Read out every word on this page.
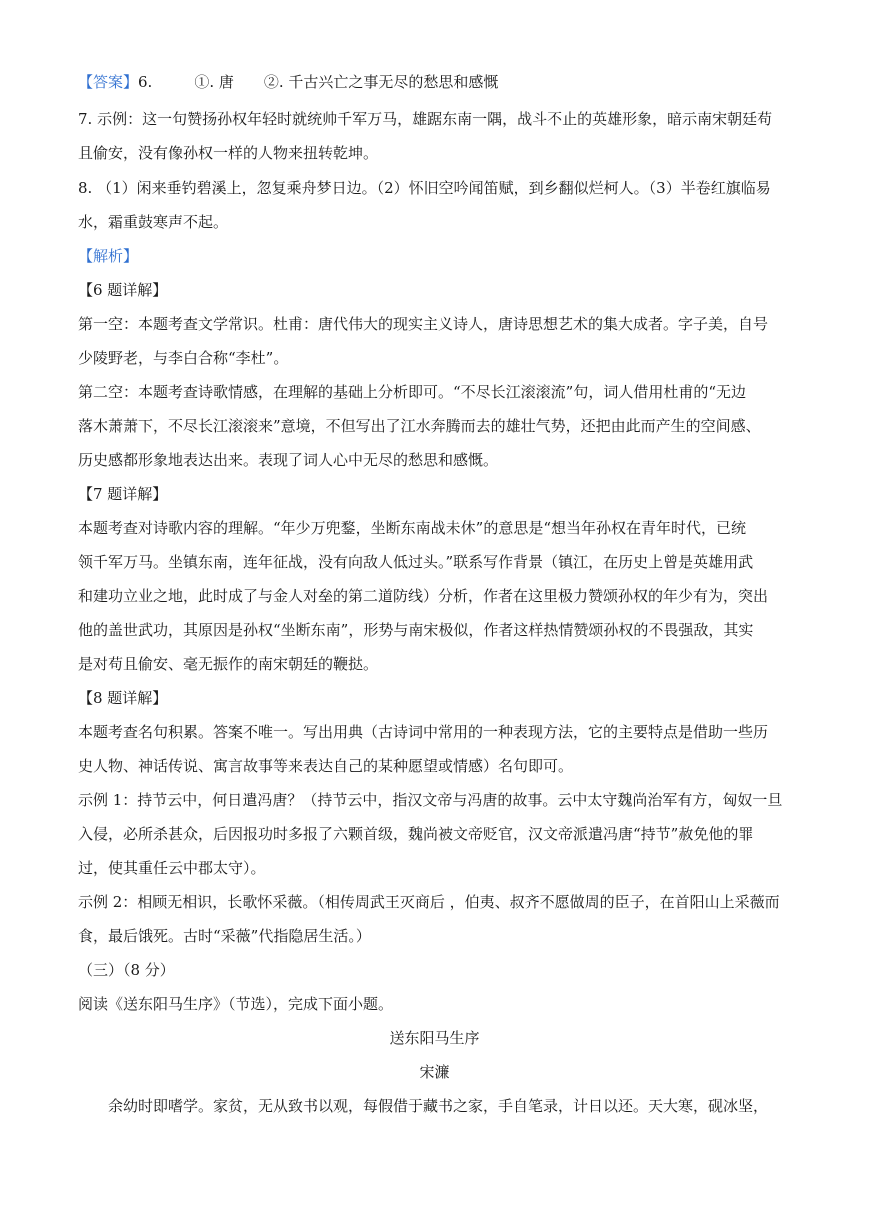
【答案】6.	①. 唐 ②. 千古兴亡之事无尽的愁思和感慨
7. 示例：这一句赞扬孙权年轻时就统帅千军万马，雄踞东南一隅，战斗不止的英雄形象，暗示南宋朝廷苟
且偷安，没有像孙权一样的人物来扭转乾坤。
8. （1）闲来垂钓碧溪上，忽复乘舟梦日边。（2）怀旧空吟闻笛赋，到乡翻似烂柯人。（3）半卷红旗临易
水，霜重鼓寒声不起。
【解析】
【6 题详解】
第一空：本题考查文学常识。杜甫：唐代伟大的现实主义诗人，唐诗思想艺术的集大成者。字子美，自号
少陵野老，与李白合称“李杜”。
第二空：本题考查诗歌情感，在理解的基础上分析即可。“不尽长江滚滚流”句，词人借用杜甫的“无边
落木萧萧下，不尽长江滚滚来”意境，不但写出了江水奔腾而去的雄壮气势，还把由此而产生的空间感、
历史感都形象地表达出来。表现了词人心中无尽的愁思和感慨。
【7 题详解】
本题考查对诗歌内容的理解。“年少万兜鍪，坐断东南战未休”的意思是“想当年孙权在青年时代，已统
领千军万马。坐镇东南，连年征战，没有向敌人低过头。”联系写作背景（镇江，在历史上曾是英雄用武
和建功立业之地，此时成了与金人对垒的第二道防线）分析，作者在这里极力赞颂孙权的年少有为，突出
他的盖世武功，其原因是孙权“坐断东南”，形势与南宋极似，作者这样热情赞颂孙权的不畏强敌，其实
是对苟且偷安、毫无振作的南宋朝廷的鞭挞。
【8 题详解】
本题考查名句积累。答案不唯一。写出用典（古诗词中常用的一种表现方法，它的主要特点是借助一些历
史人物、神话传说、寓言故事等来表达自己的某种愿望或情感）名句即可。
示例 1：持节云中，何日遣冯唐？（持节云中，指汉文帝与冯唐的故事。云中太守魏尚治军有方，匈奴一旦
入侵，必所杀甚众，后因报功时多报了六颗首级，魏尚被文帝贬官，汉文帝派遣冯唐“持节”赦免他的罪
过，使其重任云中郡太守）。
示例 2：相顾无相识，长歌怀采薇。（相传周武王灭商后 ，伯夷、叔齐不愿做周的臣子，在首阳山上采薇而
食，最后饿死。古时“采薇”代指隐居生活。）
（三）（8 分）
阅读《送东阳马生序》（节选），完成下面小题。
送东阳马生序
宋濂
余幼时即嗜学。家贫，无从致书以观，每假借于藏书之家，手自笔录，计日以还。天大寒，砚冰坚，
